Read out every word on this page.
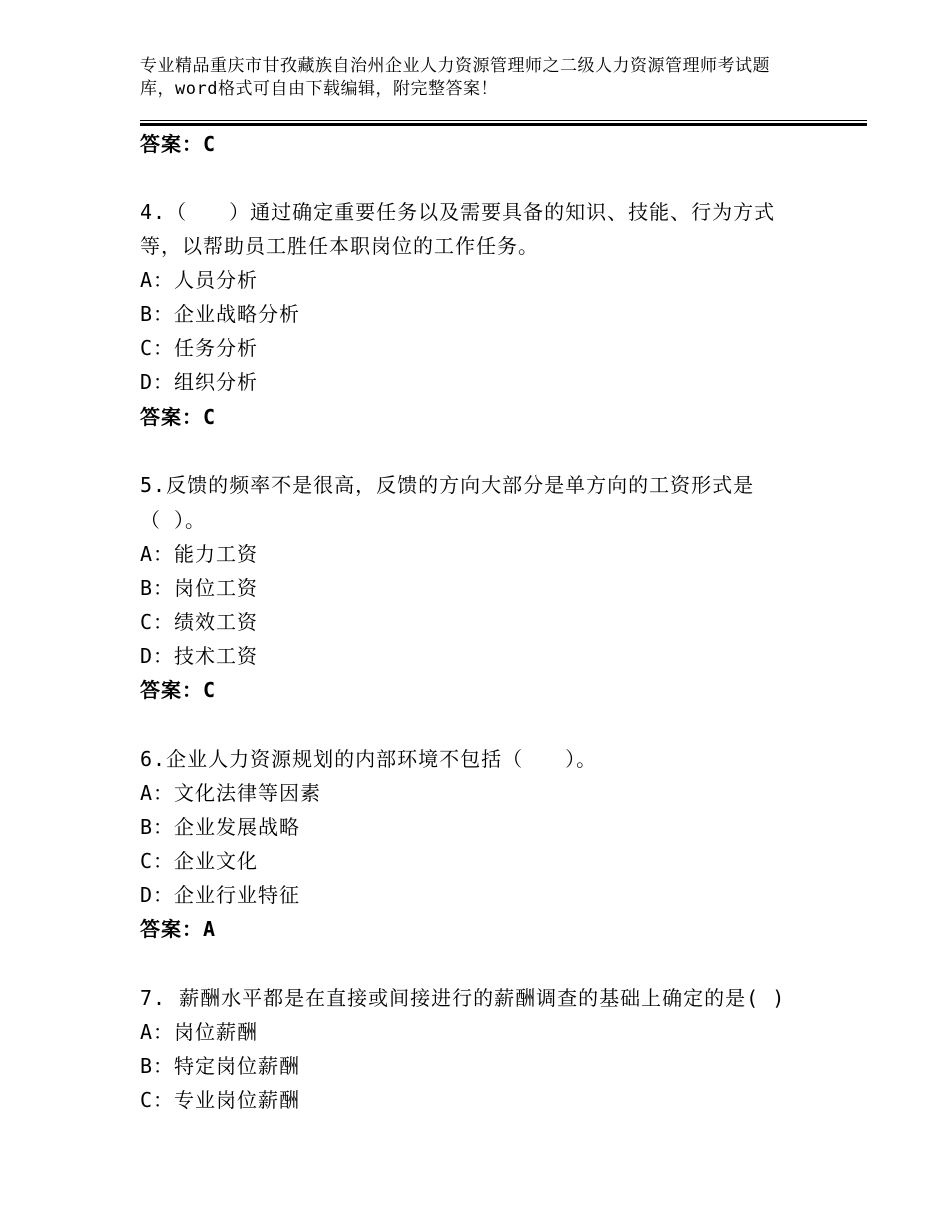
专业精品重庆市甘孜藏族自治州企业人力资源管理师之二级人力资源管理师考试题
库，word格式可自由下载编辑，附完整答案！
答案：C
4.（　　）通过确定重要任务以及需要具备的知识、技能、行为方式
等，以帮助员工胜任本职岗位的工作任务。
A：人员分析
B：企业战略分析
C：任务分析
D：组织分析
答案：C
5.反馈的频率不是很高，反馈的方向大部分是单方向的工资形式是
（ ）。
A：能力工资
B：岗位工资
C：绩效工资
D：技术工资
答案：C
6.企业人力资源规划的内部环境不包括（　　）。
A：文化法律等因素
B：企业发展战略
C：企业文化
D：企业行业特征
答案：A
7. 薪酬水平都是在直接或间接进行的薪酬调查的基础上确定的是( )
A：岗位薪酬
B：特定岗位薪酬
C：专业岗位薪酬
